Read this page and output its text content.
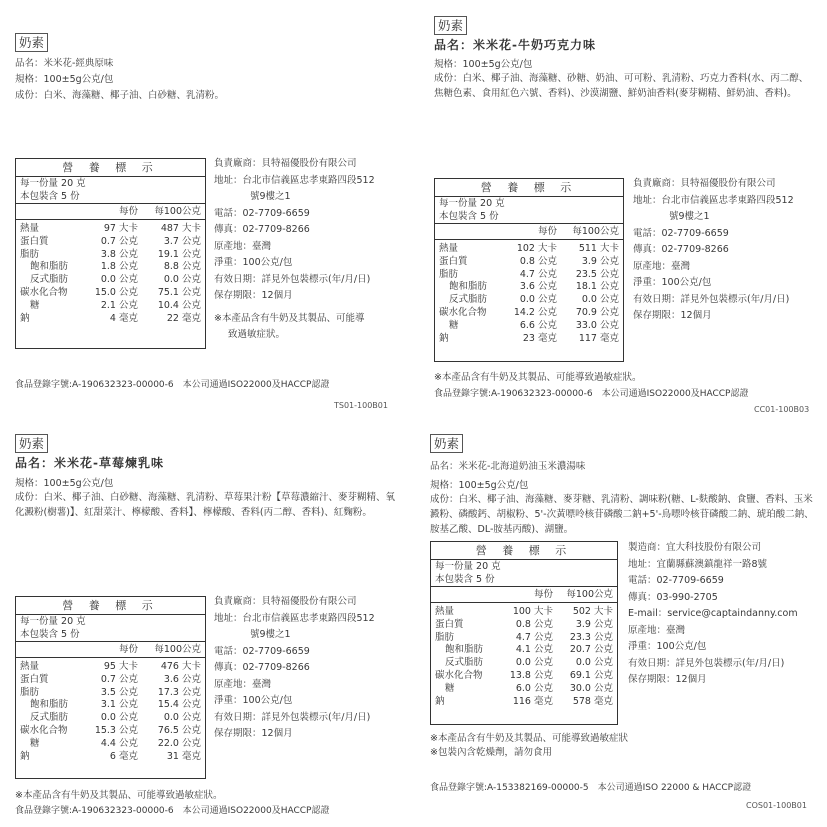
奶素
品名：米米花-經典原味
規格：100±5g公克/包
成份：白米、海藻糖、椰子油、白砂糖、乳清粉。
營 養 標 示
每一份量 20 克
本包裝含 5 份
每份	每100公克
熱量	97 大卡	487 大卡
蛋白質	0.7 公克	3.7 公克
脂肪	3.8 公克	19.1 公克
飽和脂肪	1.8 公克	8.8 公克
反式脂肪	0.0 公克	0.0 公克
碳水化合物	15.0 公克	75.1 公克
糖	2.1 公克	10.4 公克
鈉	4 毫克	22 毫克
負責廠商：貝特福優股份有限公司
地址：台北市信義區忠孝東路四段512
號9樓之1
電話：02-7709-6659
傳真：02-7709-8266
原產地：臺灣
淨重：100公克/包
有效日期：詳見外包裝標示(年/月/日)
保存期限：12個月
※本產品含有牛奶及其製品、可能導
致過敏症狀。
食品登錄字號:A-190632323-00000-6　本公司通過ISO22000及HACCP認證
TS01-100B01
奶素
品名：米米花-牛奶巧克力味
規格：100±5g公克/包
成份：白米、椰子油、海藻糖、砂糖、奶油、可可粉、乳清粉、巧克力香料(水、丙二醇、焦糖色素、食用紅色六號、香料)、沙漠湖鹽、鮮奶油香料(麥芽糊精、鮮奶油、香料)。
營 養 標 示
每一份量 20 克
本包裝含 5 份
每份	每100公克
熱量	102 大卡	511 大卡
蛋白質	0.8 公克	3.9 公克
脂肪	4.7 公克	23.5 公克
飽和脂肪	3.6 公克	18.1 公克
反式脂肪	0.0 公克	0.0 公克
碳水化合物	14.2 公克	70.9 公克
糖	6.6 公克	33.0 公克
鈉	23 毫克	117 毫克
負責廠商：貝特福優股份有限公司
地址：台北市信義區忠孝東路四段512
號9樓之1
電話：02-7709-6659
傳真：02-7709-8266
原產地：臺灣
淨重：100公克/包
有效日期：詳見外包裝標示(年/月/日)
保存期限：12個月
※本產品含有牛奶及其製品、可能導致過敏症狀。
食品登錄字號:A-190632323-00000-6　本公司通過ISO22000及HACCP認證
CC01-100B03
奶素
品名：米米花-草莓煉乳味
規格：100±5g公克/包
成份：白米、椰子油、白砂糖、海藻糖、乳清粉、草莓果汁粉【草莓濃縮汁、麥芽糊精、氧化澱粉(樹薯)】、紅甜菜汁、檸檬酸、香料】、檸檬酸、香料(丙二醇、香料)、紅麴粉。
營 養 標 示
每一份量 20 克
本包裝含 5 份
每份	每100公克
熱量	95 大卡	476 大卡
蛋白質	0.7 公克	3.6 公克
脂肪	3.5 公克	17.3 公克
飽和脂肪	3.1 公克	15.4 公克
反式脂肪	0.0 公克	0.0 公克
碳水化合物	15.3 公克	76.5 公克
糖	4.4 公克	22.0 公克
鈉	6 毫克	31 毫克
負責廠商：貝特福優股份有限公司
地址：台北市信義區忠孝東路四段512
號9樓之1
電話：02-7709-6659
傳真：02-7709-8266
原產地：臺灣
淨重：100公克/包
有效日期：詳見外包裝標示(年/月/日)
保存期限：12個月
※本產品含有牛奶及其製品、可能導致過敏症狀。
食品登錄字號:A-190632323-00000-6　本公司通過ISO22000及HACCP認證
奶素
品名：米米花-北海道奶油玉米濃湯味
規格：100±5g公克/包
成份：白米、椰子油、海藻糖、麥芽糖、乳清粉、調味粉(糖、L-麩酸鈉、食鹽、香料、玉米澱粉、磷酸鈣、胡椒粉、5'-次黃嘌呤核苷磷酸二鈉+5'-鳥嘌呤核苷磷酸二鈉、琥珀酸二鈉、胺基乙酸、DL-胺基丙酸)、湖鹽。
營 養 標 示
每一份量 20 克
本包裝含 5 份
每份	每100公克
熱量	100 大卡	502 大卡
蛋白質	0.8 公克	3.9 公克
脂肪	4.7 公克	23.3 公克
飽和脂肪	4.1 公克	20.7 公克
反式脂肪	0.0 公克	0.0 公克
碳水化合物	13.8 公克	69.1 公克
糖	6.0 公克	30.0 公克
鈉	116 毫克	578 毫克
製造商：宜大科技股份有限公司
地址：宜蘭縣蘇澳鎮龍祥一路8號
電話：02-7709-6659
傳真：03-990-2705
E-mail：service@captaindanny.com
原產地：臺灣
淨重：100公克/包
有效日期：詳見外包裝標示(年/月/日)
保存期限：12個月
※本產品含有牛奶及其製品、可能導致過敏症狀
※包裝內含乾燥劑，請勿食用
食品登錄字號:A-153382169-00000-5　本公司通過ISO 22000 & HACCP認證
COS01-100B01
